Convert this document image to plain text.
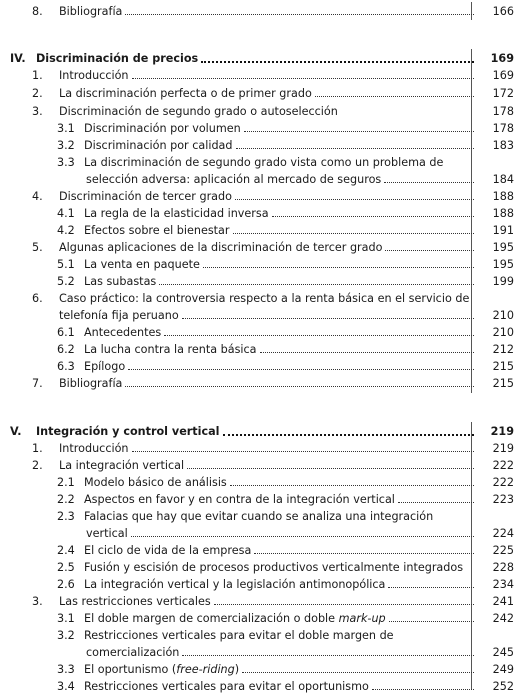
8. Bibliografía	166
IV. Discriminación de precios	169
1. Introducción	169
2. La discriminación perfecta o de primer grado	172
3. Discriminación de segundo grado o autoselección	178
3.1 Discriminación por volumen	178
3.2 Discriminación por calidad	183
3.3 La discriminación de segundo grado vista como un problema de
selección adversa: aplicación al mercado de seguros	184
4. Discriminación de tercer grado	188
4.1 La regla de la elasticidad inversa	188
4.2 Efectos sobre el bienestar	191
5. Algunas aplicaciones de la discriminación de tercer grado	195
5.1 La venta en paquete	195
5.2 Las subastas	199
6. Caso práctico: la controversia respecto a la renta básica en el servicio de
telefonía fija peruano	210
6.1 Antecedentes	210
6.2 La lucha contra la renta básica	212
6.3 Epílogo	215
7. Bibliografía	215
V. Integración y control vertical	219
1. Introducción	219
2. La integración vertical	222
2.1 Modelo básico de análisis	222
2.2 Aspectos en favor y en contra de la integración vertical	223
2.3 Falacias que hay que evitar cuando se analiza una integración
vertical	224
2.4 El ciclo de vida de la empresa	225
2.5 Fusión y escisión de procesos productivos verticalmente integrados	228
2.6 La integración vertical y la legislación antimonopólica	234
3. Las restricciones verticales	241
3.1 El doble margen de comercialización o doble mark-up	242
3.2 Restricciones verticales para evitar el doble margen de
comercialización	245
3.3 El oportunismo (free-riding)	249
3.4 Restricciones verticales para evitar el oportunismo	252
